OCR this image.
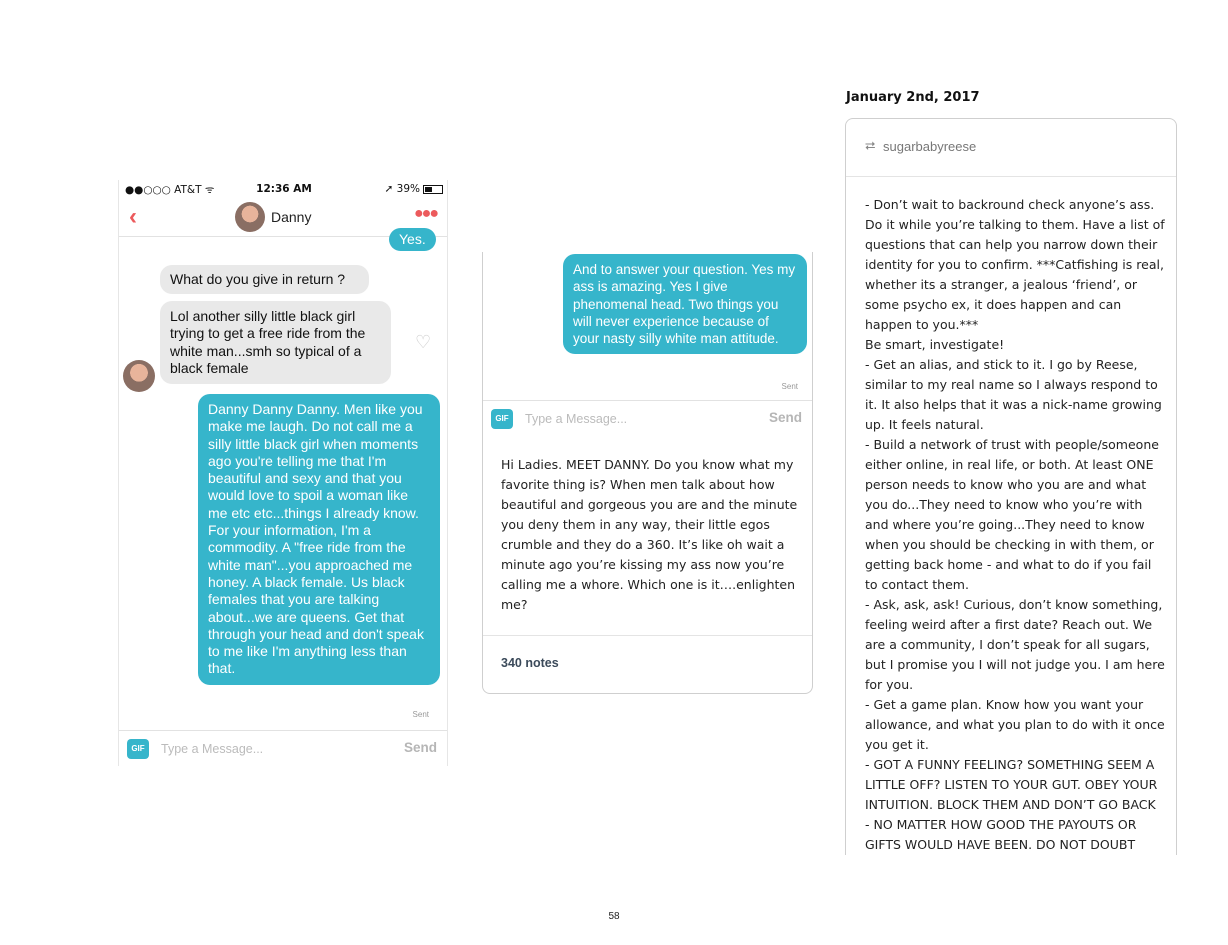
●●○○○ AT&T ᯤ	12:36 AM	➚ 39%
‹	Danny	●●●
Yes.
What do you give in return ?
Lol another silly little black girl trying to get a free ride from the white man...smh so typical of a black female
♡
Danny Danny Danny. Men like you make me laugh. Do not call me a silly little black girl when moments ago you're telling me that I'm beautiful and sexy and that you would love to spoil a woman like me etc etc...things I already know. For your information, I'm a commodity. A "free ride from the white man"...you approached me honey. A black female. Us black females that you are talking about...we are queens. Get that through your head and don't speak to me like I'm anything less than that.
Sent
GIF
Type a Message...	Send
And to answer your question. Yes my ass is amazing. Yes I give phenomenal head. Two things you will never experience because of your nasty silly white man attitude.
Sent
GIF
Type a Message...	Send
Hi Ladies. MEET DANNY. Do you know what my favorite thing is? When men talk about how beautiful and gorgeous you are and the minute you deny them in any way, their little egos crumble and they do a 360. It’s like oh wait a minute ago you’re kissing my ass now you’re calling me a whore. Which one is it….enlighten me?
340 notes
January 2nd, 2017
⮂ sugarbabyreese

- Don’t wait to backround check anyone’s ass. Do it while you’re talking to them. Have a list of questions that can help you narrow down their identity for you to confirm. ***Catfishing is real, whether its a stranger, a jealous ‘friend’, or some psycho ex, it does happen and can happen to you.***

Be smart, investigate!

- Get an alias, and stick to it. I go by Reese, similar to my real name so I always respond to it. It also helps that it was a nick-name growing up. It feels natural.

- Build a network of trust with people/someone either online, in real life, or both. At least ONE person needs to know who you are and what you do...They need to know who you’re with and where you’re going...They need to know when you should be checking in with them, or getting back home - and what to do if you fail to contact them.

- Ask, ask, ask! Curious, don’t know something, feeling weird after a first date? Reach out. We are a community, I don’t speak for all sugars, but I promise you I will not judge you. I am here for you.

- Get a game plan. Know how you want your allowance, and what you plan to do with it once you get it.

- GOT A FUNNY FEELING? SOMETHING SEEM A LITTLE OFF? LISTEN TO YOUR GUT. OBEY YOUR INTUITION. BLOCK THEM AND DON’T GO BACK

- NO MATTER HOW GOOD THE PAYOUTS OR GIFTS WOULD HAVE BEEN. DO NOT DOUBT

58
